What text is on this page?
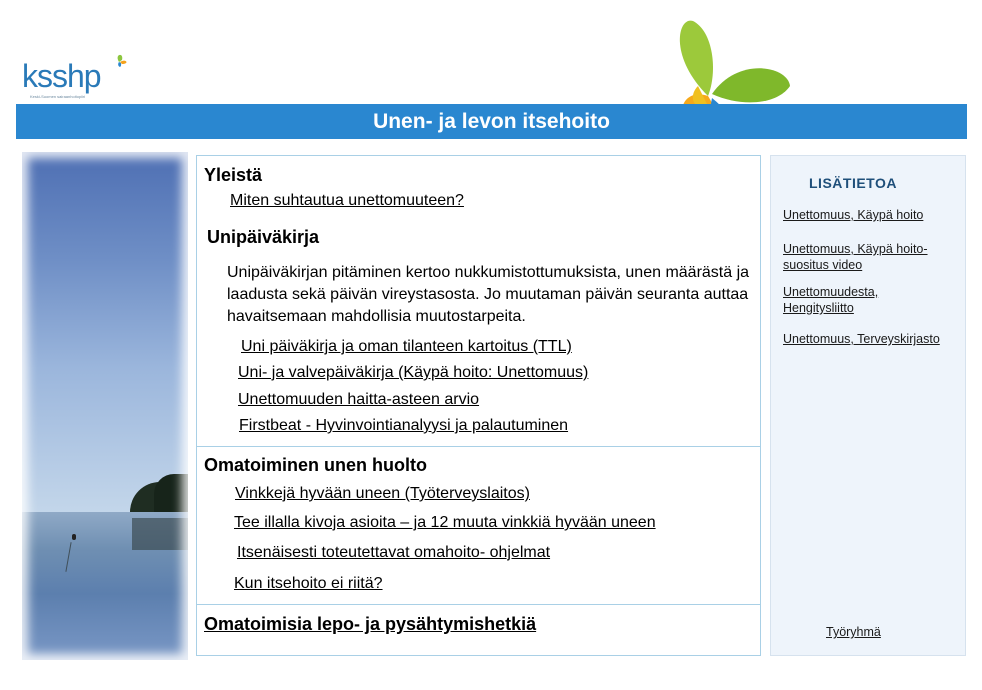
ksshp
Keski-Suomen sairaanhoitopiiri
Unen- ja levon itsehoito
Yleistä
Miten suhtautua unettomuuteen?
Unipäiväkirja

Unipäiväkirjan pitäminen kertoo nukkumistottumuksista, unen määrästä ja laadusta sekä päivän vireystasosta. Jo muutaman päivän seuranta auttaa havaitsemaan mahdollisia muutostarpeita.

Uni päiväkirja ja oman tilanteen kartoitus (TTL)
Uni- ja valvepäiväkirja (Käypä hoito: Unettomuus)
Unettomuuden haitta-asteen arvio
Firstbeat - Hyvinvointianalyysi ja palautuminen
Omatoiminen unen huolto
Vinkkejä hyvään uneen (Työterveyslaitos)
Tee illalla kivoja asioita – ja 12 muuta vinkkiä hyvään uneen
Itsenäisesti toteutettavat omahoito- ohjelmat
Kun itsehoito ei riitä?
Omatoimisia lepo- ja pysähtymishetkiä
LISÄTIETOA
Unettomuus, Käypä hoito
Unettomuus, Käypä hoito-suositus video
Unettomuudesta, Hengitysliitto
Unettomuus, Terveyskirjasto
Työryhmä
